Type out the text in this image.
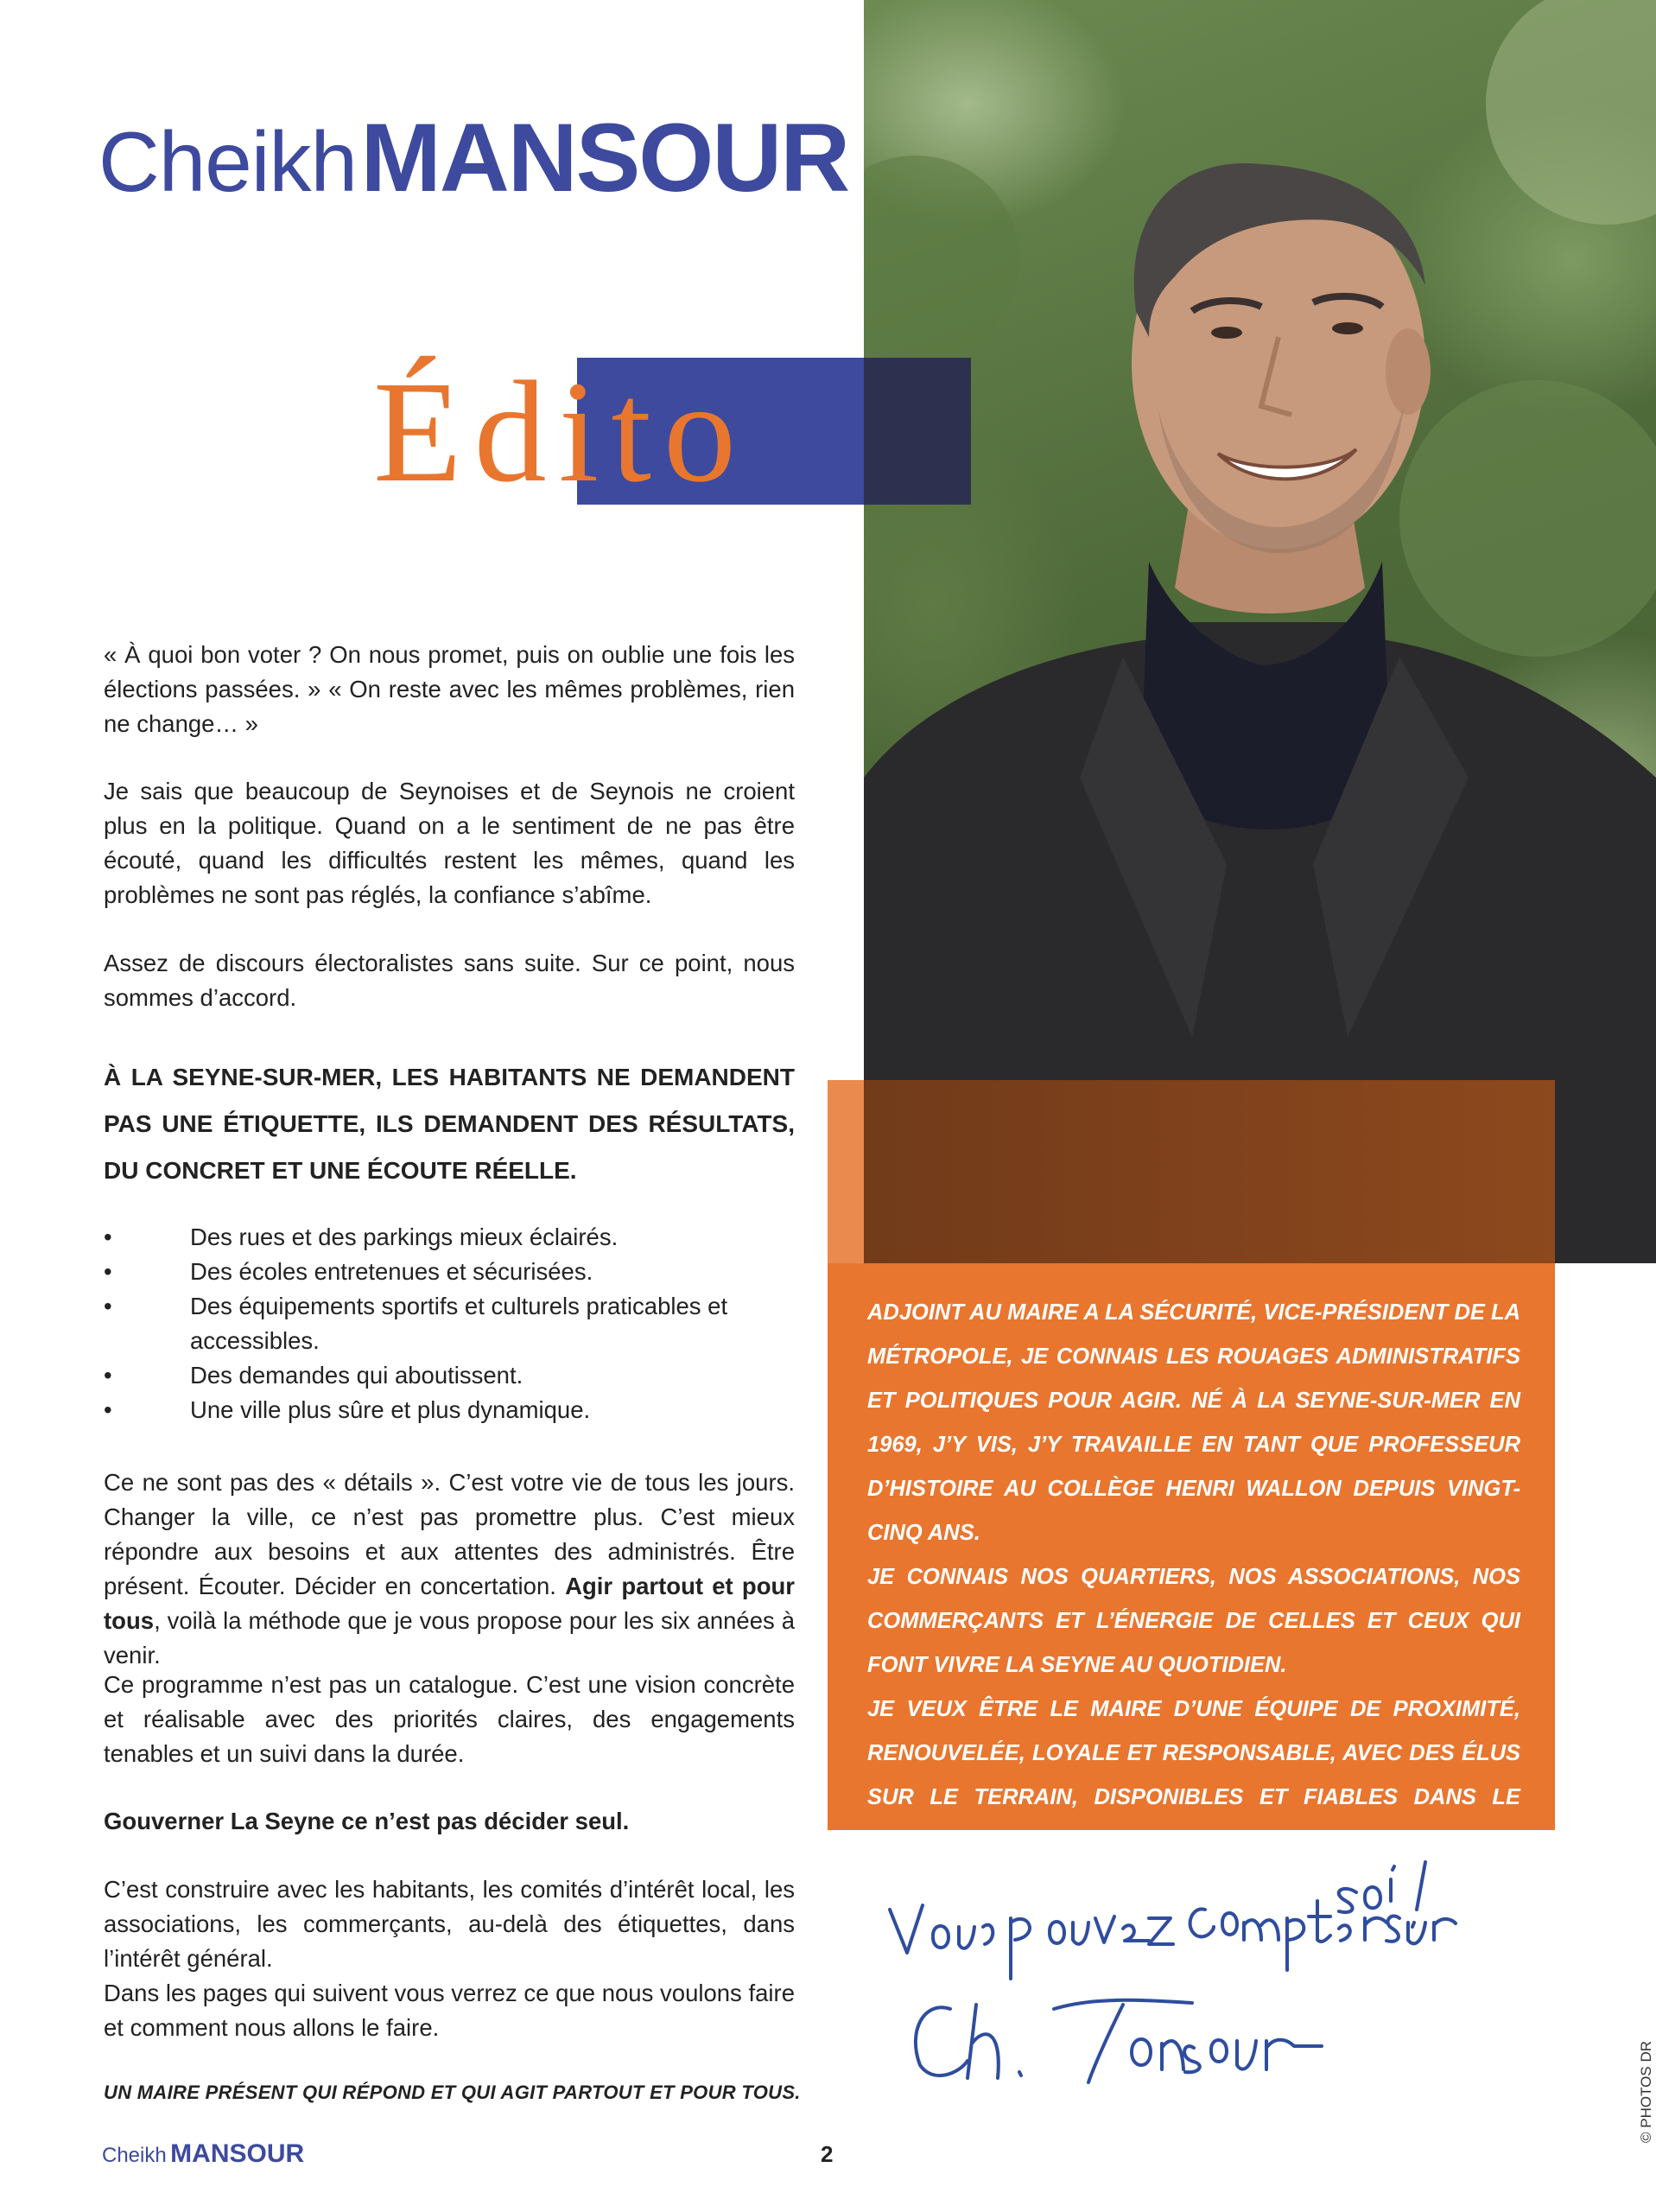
Cheikh MANSOUR
Édito

« À quoi bon voter ? On nous promet, puis on oublie une fois les élections passées. » « On reste avec les mêmes problèmes, rien ne change… »

Je sais que beaucoup de Seynoises et de Seynois ne croient plus en la politique. Quand on a le sentiment de ne pas être écouté, quand les difficultés restent les mêmes, quand les problèmes ne sont pas réglés, la confiance s’abîme.

Assez de discours électoralistes sans suite. Sur ce point, nous sommes d’accord.

À LA SEYNE-SUR-MER, LES HABITANTS NE DEMANDENT PAS UNE ÉTIQUETTE, ILS DEMANDENT DES RÉSULTATS, DU CONCRET ET UNE ÉCOUTE RÉELLE.
•	Des rues et des parkings mieux éclairés.
•	Des écoles entretenues et sécurisées.
•	Des équipements sportifs et culturels praticables et accessibles.
•	Des demandes qui aboutissent.
•	Une ville plus sûre et plus dynamique.

Ce ne sont pas des « détails ». C’est votre vie de tous les jours. Changer la ville, ce n’est pas promettre plus. C’est mieux répondre aux besoins et aux attentes des administrés. Être présent. Écouter. Décider en concertation. Agir partout et pour tous, voilà la méthode que je vous propose pour les six années à venir.

Ce programme n’est pas un catalogue. C’est une vision concrète et réalisable avec des priorités claires, des engagements tenables et un suivi dans la durée.

Gouverner La Seyne ce n’est pas décider seul.

C’est construire avec les habitants, les comités d’intérêt local, les associations, les commerçants, au-delà des étiquettes, dans l’intérêt général.

Dans les pages qui suivent vous verrez ce que nous voulons faire et comment nous allons le faire.

UN MAIRE PRÉSENT QUI RÉPOND ET QUI AGIT PARTOUT ET POUR TOUS.

ADJOINT AU MAIRE A LA SÉCURITÉ, VICE-PRÉSIDENT DE LA MÉTROPOLE, JE CONNAIS LES ROUAGES ADMINISTRATIFS ET POLITIQUES POUR AGIR. NÉ À LA SEYNE-SUR-MER EN 1969, J’Y VIS, J’Y TRAVAILLE EN TANT QUE PROFESSEUR D’HISTOIRE AU COLLÈGE HENRI WALLON DEPUIS VINGT-CINQ ANS.

JE CONNAIS NOS QUARTIERS, NOS ASSOCIATIONS, NOS COMMERÇANTS ET L’ÉNERGIE DE CELLES ET CEUX QUI FONT VIVRE LA SEYNE AU QUOTIDIEN.

JE VEUX ÊTRE LE MAIRE D’UNE ÉQUIPE DE PROXIMITÉ, RENOUVELÉE, LOYALE ET RESPONSABLE, AVEC DES ÉLUS SUR LE TERRAIN, DISPONIBLES ET FIABLES DANS LE TEMPS.

© PHOTOS DR
Cheikh MANSOUR	2
